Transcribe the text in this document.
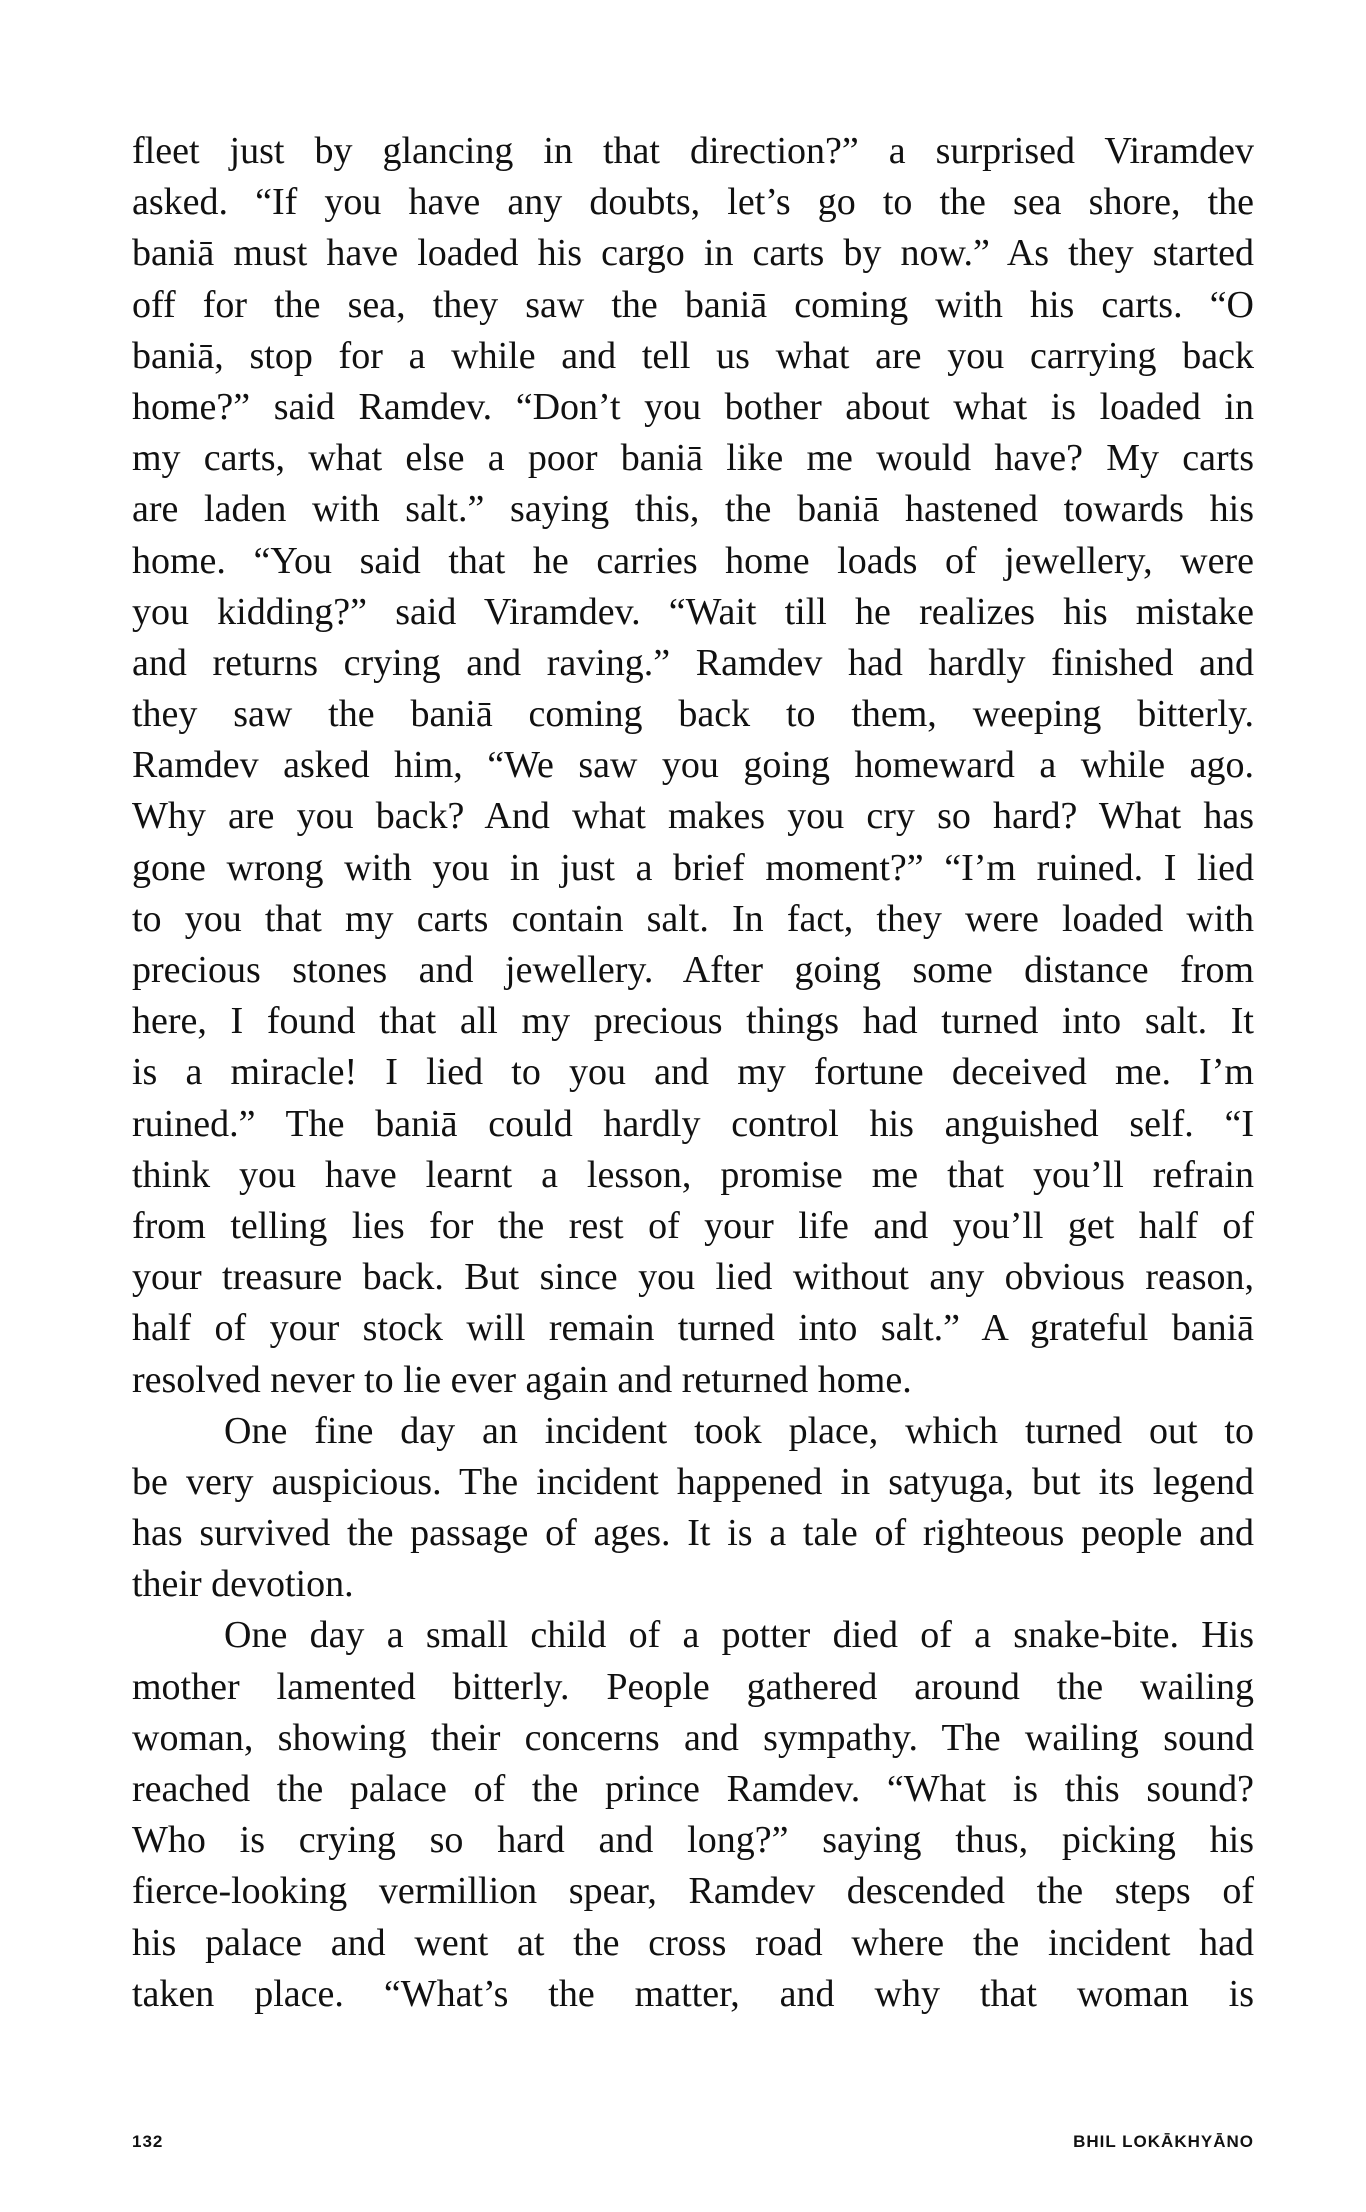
fleet just by glancing in that direction?” a surprised Viramdev
asked. “If you have any doubts, let’s go to the sea shore, the
baniā must have loaded his cargo in carts by now.” As they started
off for the sea, they saw the baniā coming with his carts. “O
baniā, stop for a while and tell us what are you carrying back
home?” said Ramdev. “Don’t you bother about what is loaded in
my carts, what else a poor baniā like me would have? My carts
are laden with salt.” saying this, the baniā hastened towards his
home. “You said that he carries home loads of jewellery, were
you kidding?” said Viramdev. “Wait till he realizes his mistake
and returns crying and raving.” Ramdev had hardly finished and
they saw the baniā coming back to them, weeping bitterly.
Ramdev asked him, “We saw you going homeward a while ago.
Why are you back? And what makes you cry so hard? What has
gone wrong with you in just a brief moment?” “I’m ruined. I lied
to you that my carts contain salt. In fact, they were loaded with
precious stones and jewellery. After going some distance from
here, I found that all my precious things had turned into salt. It
is a miracle! I lied to you and my fortune deceived me. I’m
ruined.” The baniā could hardly control his anguished self. “I
think you have learnt a lesson, promise me that you’ll refrain
from telling lies for the rest of your life and you’ll get half of
your treasure back. But since you lied without any obvious reason,
half of your stock will remain turned into salt.” A grateful baniā
resolved never to lie ever again and returned home.
One fine day an incident took place, which turned out to
be very auspicious. The incident happened in satyuga, but its legend
has survived the passage of ages. It is a tale of righteous people and
their devotion.
One day a small child of a potter died of a snake-bite. His
mother lamented bitterly. People gathered around the wailing
woman, showing their concerns and sympathy. The wailing sound
reached the palace of the prince Ramdev. “What is this sound?
Who is crying so hard and long?” saying thus, picking his
fierce-looking vermillion spear, Ramdev descended the steps of
his palace and went at the cross road where the incident had
taken place. “What’s the matter, and why that woman is
132	BHIL LOKĀKHYĀNO
